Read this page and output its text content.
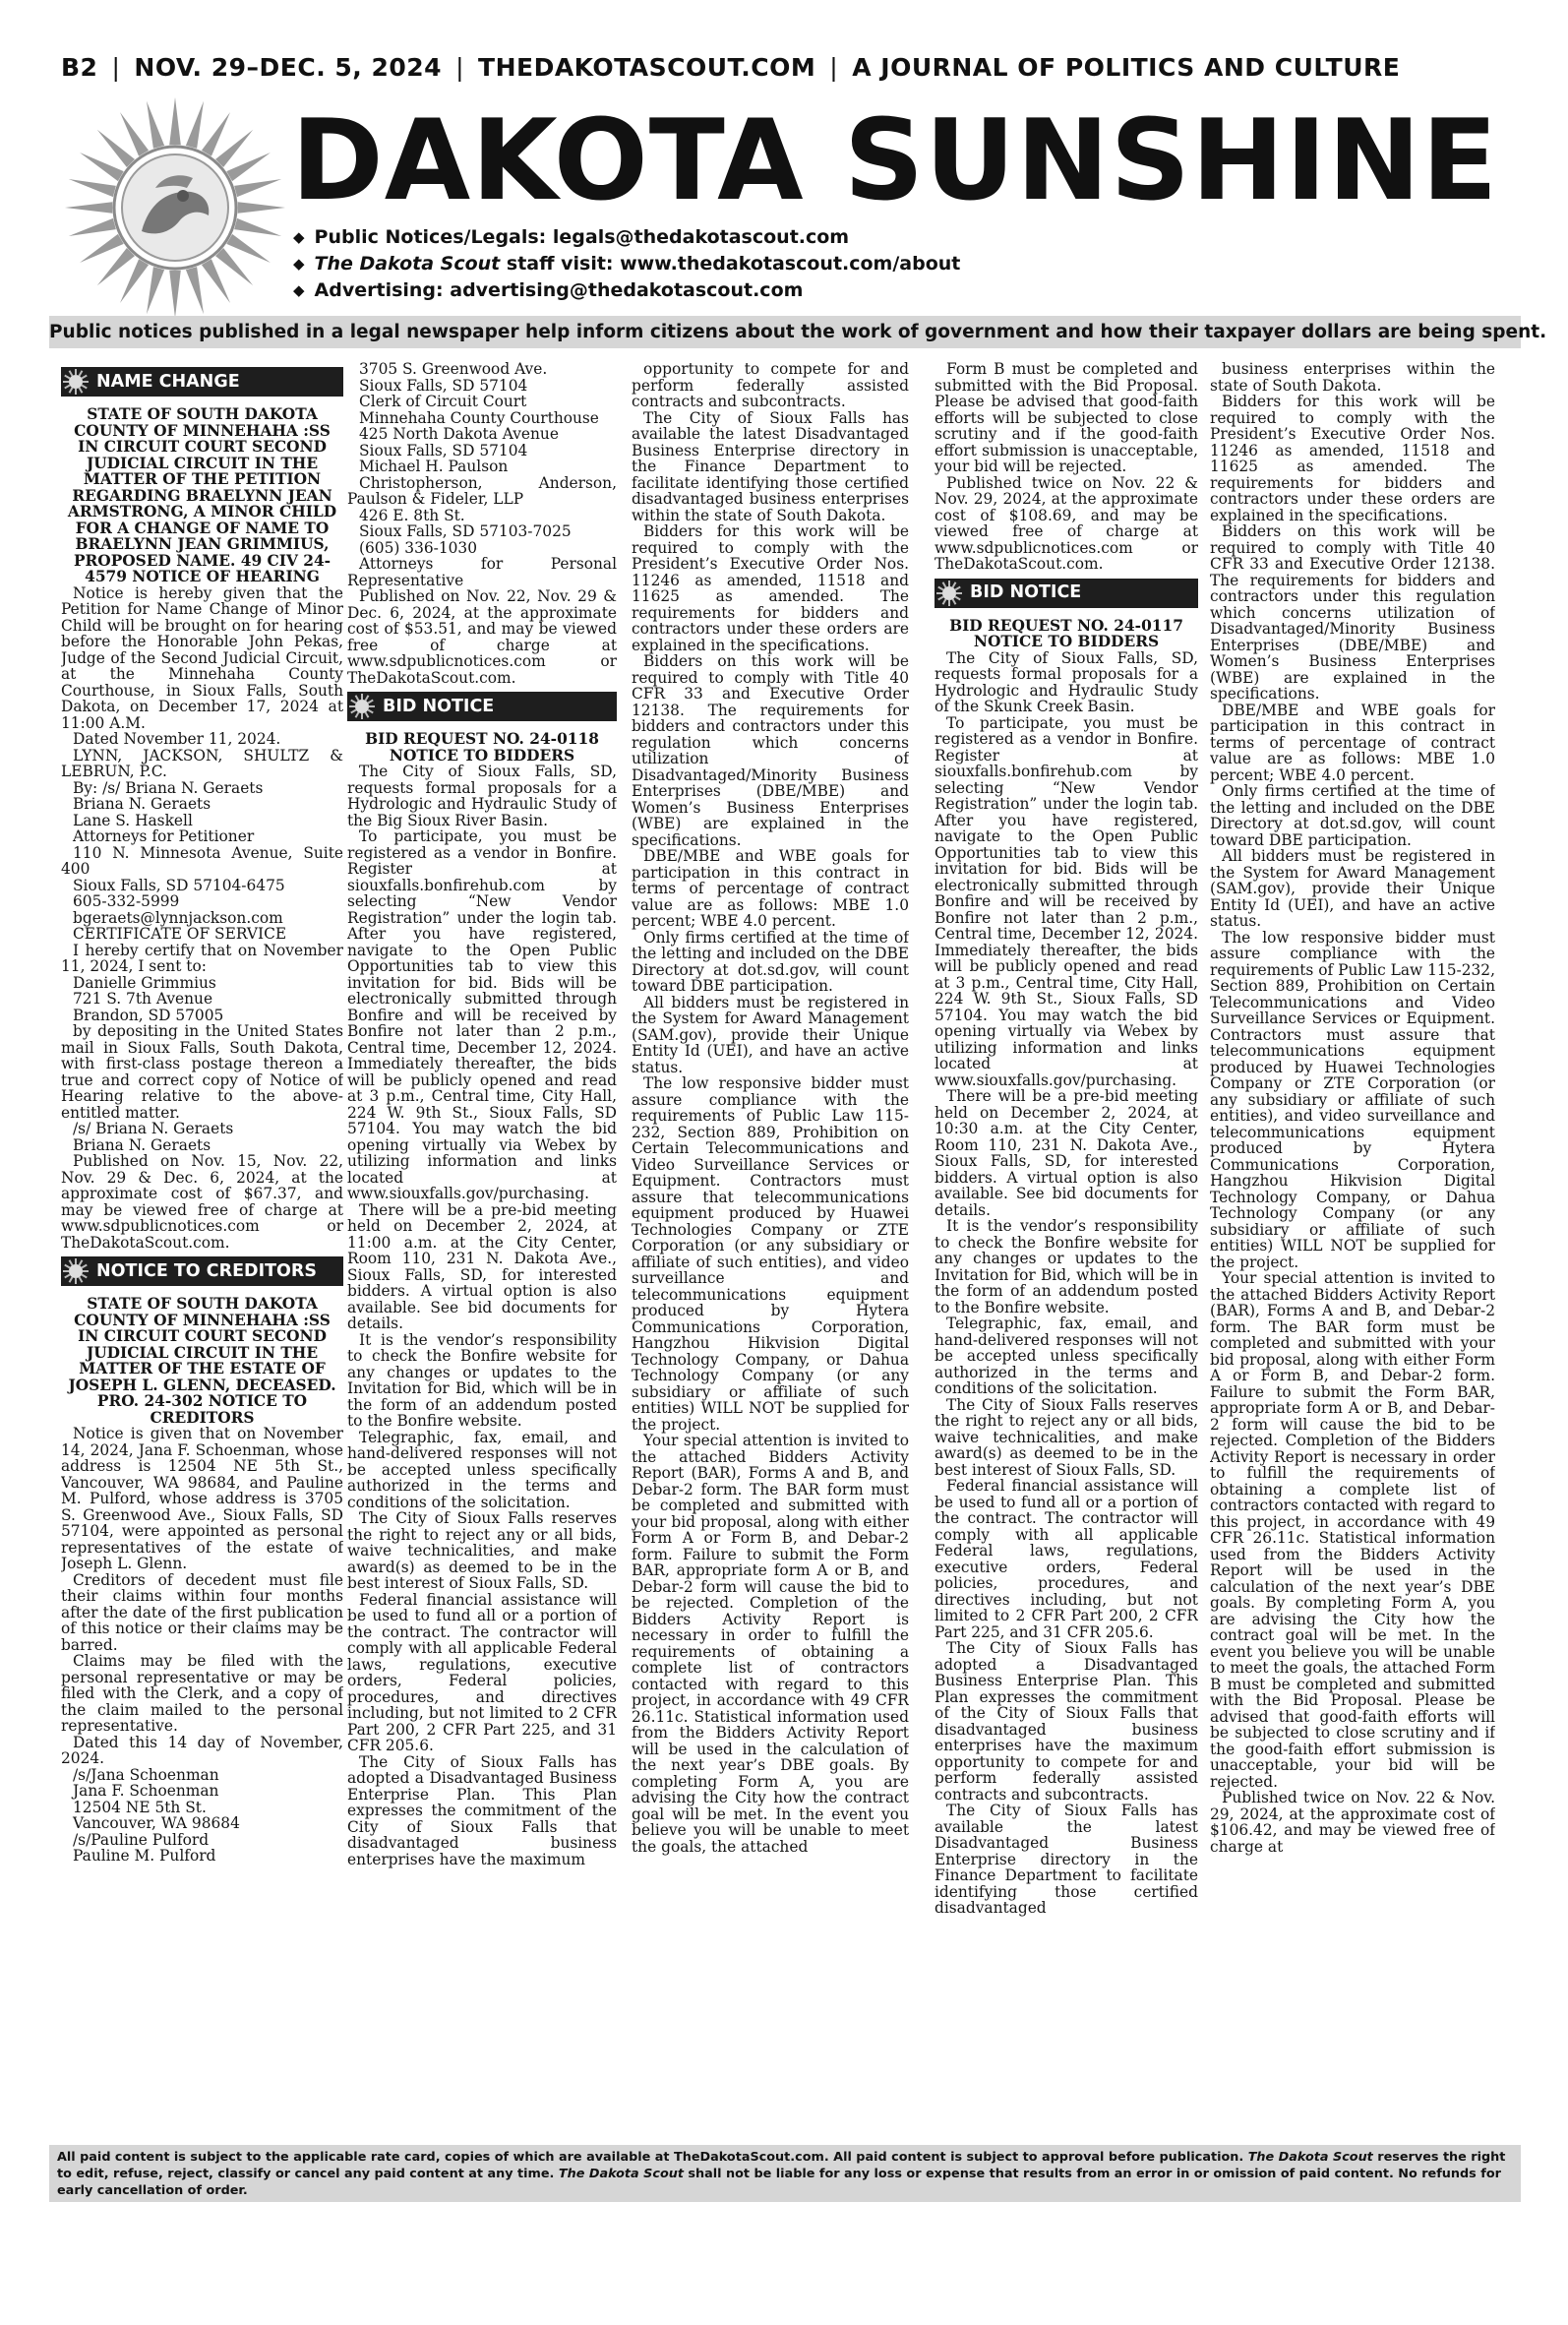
B2 | NOV. 29–DEC. 5, 2024 | THEDAKOTASCOUT.COM | A JOURNAL OF POLITICS AND CULTURE
DAKOTA SUNSHINE
◆ Public Notices/Legals: legals@thedakotascout.com
◆ The Dakota Scout staff visit: www.thedakotascout.com/about
◆ Advertising: advertising@thedakotascout.com
Public notices published in a legal newspaper help inform citizens about the work of government and how their taxpayer dollars are being spent.
NAME CHANGE

STATE OF SOUTH DAKOTA COUNTY OF MINNEHAHA :SS IN CIRCUIT COURT SECOND JUDICIAL CIRCUIT IN THE MATTER OF THE PETITION REGARDING BRAELYNN JEAN ARMSTRONG, A MINOR CHILD FOR A CHANGE OF NAME TO BRAELYNN JEAN GRIMMIUS, PROPOSED NAME. 49 CIV 24-4579 NOTICE OF HEARING

Notice is hereby given that the Petition for Name Change of Minor Child will be brought on for hearing before the Honorable John Pekas, Judge of the Second Judicial Circuit, at the Minnehaha County Courthouse, in Sioux Falls, South Dakota, on December 17, 2024 at 11:00 A.M.

Dated November 11, 2024.

LYNN, JACKSON, SHULTZ & LEBRUN, P.C.

By: /s/ Briana N. Geraets

Briana N. Geraets

Lane S. Haskell

Attorneys for Petitioner

110 N. Minnesota Avenue, Suite 400

Sioux Falls, SD 57104-6475

605-332-5999

bgeraets@lynnjackson.com

CERTIFICATE OF SERVICE

I hereby certify that on November 11, 2024, I sent to:

Danielle Grimmius

721 S. 7th Avenue

Brandon, SD 57005

by depositing in the United States mail in Sioux Falls, South Dakota, with first-class postage thereon a true and correct copy of Notice of Hearing relative to the above-entitled matter.

/s/ Briana N. Geraets

Briana N. Geraets

Published on Nov. 15, Nov. 22, Nov. 29 & Dec. 6, 2024, at the approximate cost of $67.37, and may be viewed free of charge at www.sdpublicnotices.com or TheDakotaScout.com.

NOTICE TO CREDITORS

STATE OF SOUTH DAKOTA COUNTY OF MINNEHAHA :SS IN CIRCUIT COURT SECOND JUDICIAL CIRCUIT IN THE MATTER OF THE ESTATE OF JOSEPH L. GLENN, DECEASED. PRO. 24-302 NOTICE TO CREDITORS

Notice is given that on November 14, 2024, Jana F. Schoenman, whose address is 12504 NE 5th St., Vancouver, WA 98684, and Pauline M. Pulford, whose address is 3705 S. Greenwood Ave., Sioux Falls, SD 57104, were appointed as personal representatives of the estate of Joseph L. Glenn.

Creditors of decedent must file their claims within four months after the date of the first publication of this notice or their claims may be barred.

Claims may be filed with the personal representative or may be filed with the Clerk, and a copy of the claim mailed to the personal representative.

Dated this 14 day of November, 2024.

/s/Jana Schoenman

Jana F. Schoenman

12504 NE 5th St.

Vancouver, WA 98684

/s/Pauline Pulford

Pauline M. Pulford

3705 S. Greenwood Ave.

Sioux Falls, SD 57104

Clerk of Circuit Court

Minnehaha County Courthouse

425 North Dakota Avenue

Sioux Falls, SD 57104

Michael H. Paulson

Christopherson, Anderson, Paulson & Fideler, LLP

426 E. 8th St.

Sioux Falls, SD 57103-7025

(605) 336-1030

Attorneys for Personal Representative

Published on Nov. 22, Nov. 29 & Dec. 6, 2024, at the approximate cost of $53.51, and may be viewed free of charge at www.sdpublicnotices.com or TheDakotaScout.com.

BID NOTICE

BID REQUEST NO. 24-0118 NOTICE TO BIDDERS

The City of Sioux Falls, SD, requests formal proposals for a Hydrologic and Hydraulic Study of the Big Sioux River Basin.

To participate, you must be registered as a vendor in Bonfire. Register at siouxfalls.bonfirehub.com by selecting “New Vendor Registration” under the login tab. After you have registered, navigate to the Open Public Opportunities tab to view this invitation for bid. Bids will be electronically submitted through Bonfire and will be received by Bonfire not later than 2 p.m., Central time, December 12, 2024. Immediately thereafter, the bids will be publicly opened and read at 3 p.m., Central time, City Hall, 224 W. 9th St., Sioux Falls, SD 57104. You may watch the bid opening virtually via Webex by utilizing information and links located at www.siouxfalls.gov/purchasing.

There will be a pre-bid meeting held on December 2, 2024, at 11:00 a.m. at the City Center, Room 110, 231 N. Dakota Ave., Sioux Falls, SD, for interested bidders. A virtual option is also available. See bid documents for details.

It is the vendor’s responsibility to check the Bonfire website for any changes or updates to the Invitation for Bid, which will be in the form of an addendum posted to the Bonfire website.

Telegraphic, fax, email, and hand-delivered responses will not be accepted unless specifically authorized in the terms and conditions of the solicitation.

The City of Sioux Falls reserves the right to reject any or all bids, waive technicalities, and make award(s) as deemed to be in the best interest of Sioux Falls, SD.

Federal financial assistance will be used to fund all or a portion of the contract. The contractor will comply with all applicable Federal laws, regulations, executive orders, Federal policies, procedures, and directives including, but not limited to 2 CFR Part 200, 2 CFR Part 225, and 31 CFR 205.6.

The City of Sioux Falls has adopted a Disadvantaged Business Enterprise Plan. This Plan expresses the commitment of the City of Sioux Falls that disadvantaged business enterprises have the maximum

opportunity to compete for and perform federally assisted contracts and subcontracts.

The City of Sioux Falls has available the latest Disadvantaged Business Enterprise directory in the Finance Department to facilitate identifying those certified disadvantaged business enterprises within the state of South Dakota.

Bidders for this work will be required to comply with the President’s Executive Order Nos. 11246 as amended, 11518 and 11625 as amended. The requirements for bidders and contractors under these orders are explained in the specifications.

Bidders on this work will be required to comply with Title 40 CFR 33 and Executive Order 12138. The requirements for bidders and contractors under this regulation which concerns utilization of Disadvantaged/Minority Business Enterprises (DBE/MBE) and Women’s Business Enterprises (WBE) are explained in the specifications.

DBE/MBE and WBE goals for participation in this contract in terms of percentage of contract value are as follows: MBE 1.0 percent; WBE 4.0 percent.

Only firms certified at the time of the letting and included on the DBE Directory at dot.sd.gov, will count toward DBE participation.

All bidders must be registered in the System for Award Management (SAM.gov), provide their Unique Entity Id (UEI), and have an active status.

The low responsive bidder must assure compliance with the requirements of Public Law 115-232, Section 889, Prohibition on Certain Telecommunications and Video Surveillance Services or Equipment. Contractors must assure that telecommunications equipment produced by Huawei Technologies Company or ZTE Corporation (or any subsidiary or affiliate of such entities), and video surveillance and telecommunications equipment produced by Hytera Communications Corporation, Hangzhou Hikvision Digital Technology Company, or Dahua Technology Company (or any subsidiary or affiliate of such entities) WILL NOT be supplied for the project.

Your special attention is invited to the attached Bidders Activity Report (BAR), Forms A and B, and Debar-2 form. The BAR form must be completed and submitted with your bid proposal, along with either Form A or Form B, and Debar-2 form. Failure to submit the Form BAR, appropriate form A or B, and Debar-2 form will cause the bid to be rejected. Completion of the Bidders Activity Report is necessary in order to fulfill the requirements of obtaining a complete list of contractors contacted with regard to this project, in accordance with 49 CFR 26.11c. Statistical information used from the Bidders Activity Report will be used in the calculation of the next year’s DBE goals. By completing Form A, you are advising the City how the contract goal will be met. In the event you believe you will be unable to meet the goals, the attached

Form B must be completed and submitted with the Bid Proposal. Please be advised that good-faith efforts will be subjected to close scrutiny and if the good-faith effort submission is unacceptable, your bid will be rejected.

Published twice on Nov. 22 & Nov. 29, 2024, at the approximate cost of $108.69, and may be viewed free of charge at www.sdpublicnotices.com or TheDakotaScout.com.

BID NOTICE

BID REQUEST NO. 24-0117 NOTICE TO BIDDERS

The City of Sioux Falls, SD, requests formal proposals for a Hydrologic and Hydraulic Study of the Skunk Creek Basin.

To participate, you must be registered as a vendor in Bonfire. Register at siouxfalls.bonfirehub.com by selecting “New Vendor Registration” under the login tab. After you have registered, navigate to the Open Public Opportunities tab to view this invitation for bid. Bids will be electronically submitted through Bonfire and will be received by Bonfire not later than 2 p.m., Central time, December 12, 2024. Immediately thereafter, the bids will be publicly opened and read at 3 p.m., Central time, City Hall, 224 W. 9th St., Sioux Falls, SD 57104. You may watch the bid opening virtually via Webex by utilizing information and links located at www.siouxfalls.gov/purchasing.

There will be a pre-bid meeting held on December 2, 2024, at 10:30 a.m. at the City Center, Room 110, 231 N. Dakota Ave., Sioux Falls, SD, for interested bidders. A virtual option is also available. See bid documents for details.

It is the vendor’s responsibility to check the Bonfire website for any changes or updates to the Invitation for Bid, which will be in the form of an addendum posted to the Bonfire website.

Telegraphic, fax, email, and hand-delivered responses will not be accepted unless specifically authorized in the terms and conditions of the solicitation.

The City of Sioux Falls reserves the right to reject any or all bids, waive technicalities, and make award(s) as deemed to be in the best interest of Sioux Falls, SD.

Federal financial assistance will be used to fund all or a portion of the contract. The contractor will comply with all applicable Federal laws, regulations, executive orders, Federal policies, procedures, and directives including, but not limited to 2 CFR Part 200, 2 CFR Part 225, and 31 CFR 205.6.

The City of Sioux Falls has adopted a Disadvantaged Business Enterprise Plan. This Plan expresses the commitment of the City of Sioux Falls that disadvantaged business enterprises have the maximum opportunity to compete for and perform federally assisted contracts and subcontracts.

The City of Sioux Falls has available the latest Disadvantaged Business Enterprise directory in the Finance Department to facilitate identifying those certified disadvantaged

business enterprises within the state of South Dakota.

Bidders for this work will be required to comply with the President’s Executive Order Nos. 11246 as amended, 11518 and 11625 as amended. The requirements for bidders and contractors under these orders are explained in the specifications.

Bidders on this work will be required to comply with Title 40 CFR 33 and Executive Order 12138. The requirements for bidders and contractors under this regulation which concerns utilization of Disadvantaged/Minority Business Enterprises (DBE/MBE) and Women’s Business Enterprises (WBE) are explained in the specifications.

DBE/MBE and WBE goals for participation in this contract in terms of percentage of contract value are as follows: MBE 1.0 percent; WBE 4.0 percent.

Only firms certified at the time of the letting and included on the DBE Directory at dot.sd.gov, will count toward DBE participation.

All bidders must be registered in the System for Award Management (SAM.gov), provide their Unique Entity Id (UEI), and have an active status.

The low responsive bidder must assure compliance with the requirements of Public Law 115-232, Section 889, Prohibition on Certain Telecommunications and Video Surveillance Services or Equipment. Contractors must assure that telecommunications equipment produced by Huawei Technologies Company or ZTE Corporation (or any subsidiary or affiliate of such entities), and video surveillance and telecommunications equipment produced by Hytera Communications Corporation, Hangzhou Hikvision Digital Technology Company, or Dahua Technology Company (or any subsidiary or affiliate of such entities) WILL NOT be supplied for the project.

Your special attention is invited to the attached Bidders Activity Report (BAR), Forms A and B, and Debar-2 form. The BAR form must be completed and submitted with your bid proposal, along with either Form A or Form B, and Debar-2 form. Failure to submit the Form BAR, appropriate form A or B, and Debar-2 form will cause the bid to be rejected. Completion of the Bidders Activity Report is necessary in order to fulfill the requirements of obtaining a complete list of contractors contacted with regard to this project, in accordance with 49 CFR 26.11c. Statistical information used from the Bidders Activity Report will be used in the calculation of the next year’s DBE goals. By completing Form A, you are advising the City how the contract goal will be met. In the event you believe you will be unable to meet the goals, the attached Form B must be completed and submitted with the Bid Proposal. Please be advised that good-faith efforts will be subjected to close scrutiny and if the good-faith effort submission is unacceptable, your bid will be rejected.

Published twice on Nov. 22 & Nov. 29, 2024, at the approximate cost of $106.42, and may be viewed free of charge at

All paid content is subject to the applicable rate card, copies of which are available at TheDakotaScout.com. All paid content is subject to approval before publication. The Dakota Scout reserves the right to edit, refuse, reject, classify or cancel any paid content at any time. The Dakota Scout shall not be liable for any loss or expense that results from an error in or omission of paid content. No refunds for early cancellation of order.
